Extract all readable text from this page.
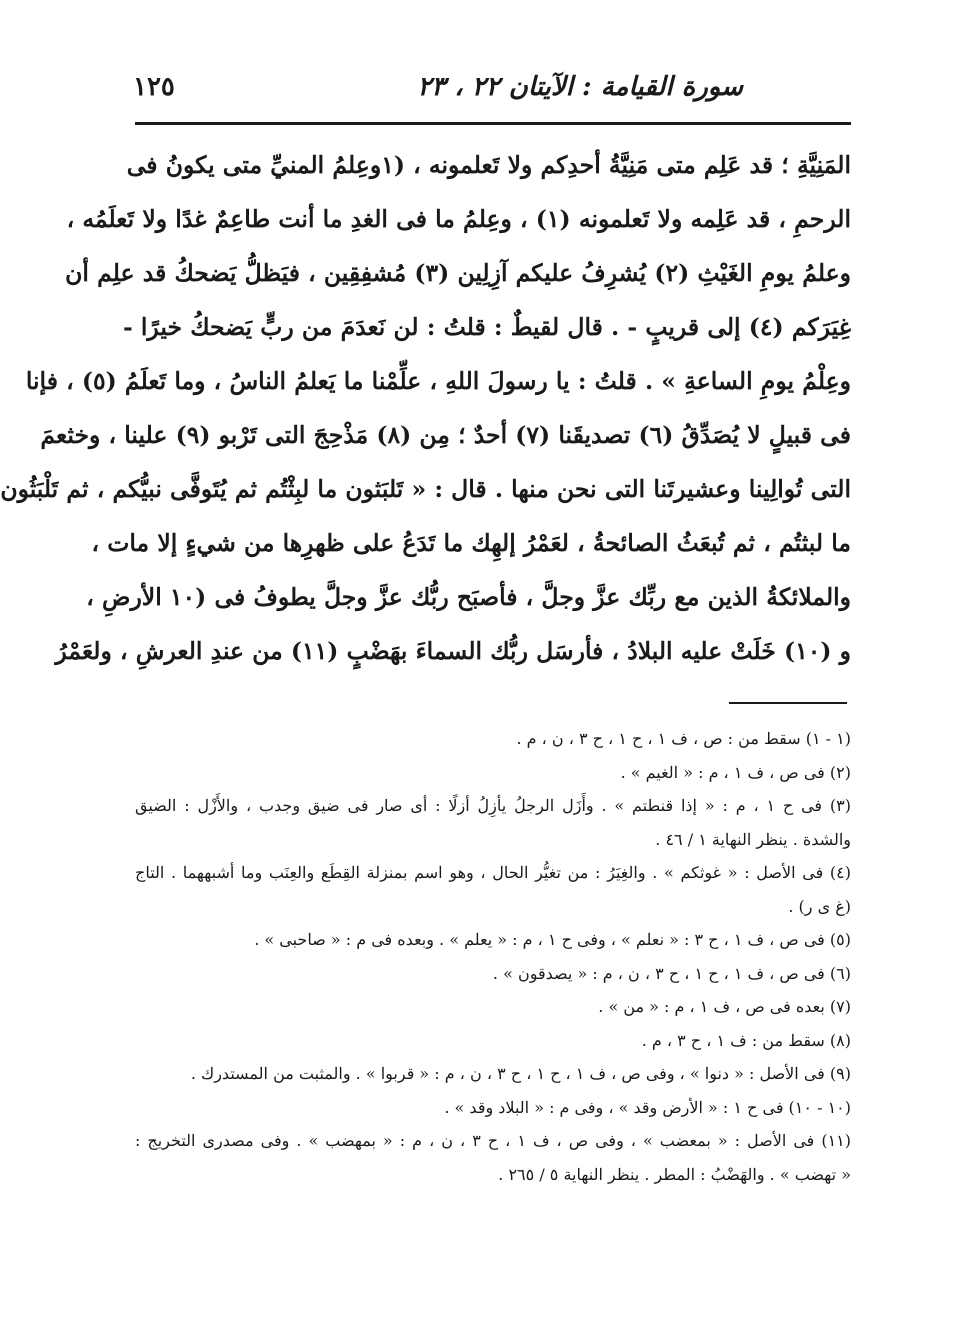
سورة القيامة : الآيتان ٢٢ ، ٢٣
١٢٥
المَنِيَّةِ ؛ قد عَلِم متى مَنِيَّةُ أحدِكم ولا تَعلمونه ، (١وعِلمُ المنيِّ متى يكونُ فى
الرحمِ ، قد عَلِمه ولا تَعلمونه (١) ، وعِلمُ ما فى الغدِ ما أنت طاعِمٌ غدًا ولا تَعلَمُه ،
وعلمُ يومِ الغَيْثِ (٢) يُشرِفُ عليكم آزِلِين (٣) مُشفِقِين ، فيَظلُّ يَضحكُ قد علِم أن
غِيَرَكم (٤) إلى قريبٍ - . قال لقيطٌ : قلتُ : لن نَعدَمَ من ربٍّ يَضحكُ خيرًا -
وعِلْمُ يومِ الساعةِ » . قلتُ : يا رسولَ اللهِ ، علِّمْنا ما يَعلمُ الناسُ ، وما تَعلَمُ (٥) ، فإنا
فى قبيلٍ لا يُصَدِّقُ (٦) تصديقَنا (٧) أحدٌ ؛ مِن (٨) مَذْحِجَ التى تَرْبو (٩) علينا ، وخثعمَ
التى تُوالِينا وعشيرتَنا التى نحن منها . قال : « تَلبَثون ما لبِثْتُم ثم يُتَوفَّى نبيُّكم ، ثم تَلْبَثُون
ما لبثتُم ، ثم تُبعَثُ الصائحةُ ، لعَمْرُ إلهِك ما تَدَعُ على ظهرِها من شيءٍ إلا مات ،
والملائكةُ الذين مع ربِّك عزَّ وجلَّ ، فأصبَح ربُّك عزَّ وجلَّ يطوفُ فى (١٠ الأرضِ ،
و (١٠) خَلَتْ عليه البلادُ ، فأرسَل ربُّك السماءَ بهَضْبٍ (١١) من عندِ العرشِ ، ولعَمْرُ
(١ - ١) سقط من : ص ، ف ١ ، ح ١ ، ح ٣ ، ن ، م .
(٢) فى ص ، ف ١ ، م : « الغيم » .
(٣) فى ح ١ ، م : « إذا قنطتم » . وأَزَل الرجلُ يأزِلُ أزلًا : أى صار فى ضيق وجدب ، والأَزْل : الضيق
والشدة . ينظر النهاية ١ / ٤٦ .
(٤) فى الأصل : « غوثكم » . والغِيَرُ : من تغيُّر الحال ، وهو اسم بمنزلة القِطَع والعِنَب وما أشبههما . التاج
(غ ى ر) .
(٥) فى ص ، ف ١ ، ح ٣ : « نعلم » ، وفى ح ١ ، م : « يعلم » . وبعده فى م : « صاحبى » .
(٦) فى ص ، ف ١ ، ح ١ ، ح ٣ ، ن ، م : « يصدقون » .
(٧) بعده فى ص ، ف ١ ، م : « من » .
(٨) سقط من : ف ١ ، ح ٣ ، م .
(٩) فى الأصل : « دنوا » ، وفى ص ، ف ١ ، ح ١ ، ح ٣ ، ن ، م : « قربوا » . والمثبت من المستدرك .
(١٠ - ١٠) فى ح ١ : « الأرض وقد » ، وفى م : « البلاد وقد » .
(١١) فى الأصل : « بمعضب » ، وفى ص ، ف ١ ، ح ٣ ، ن ، م : « بمهضب » . وفى مصدرى التخريج :
« تهضب » . والهَضْبُ : المطر . ينظر النهاية ٥ / ٢٦٥ .
